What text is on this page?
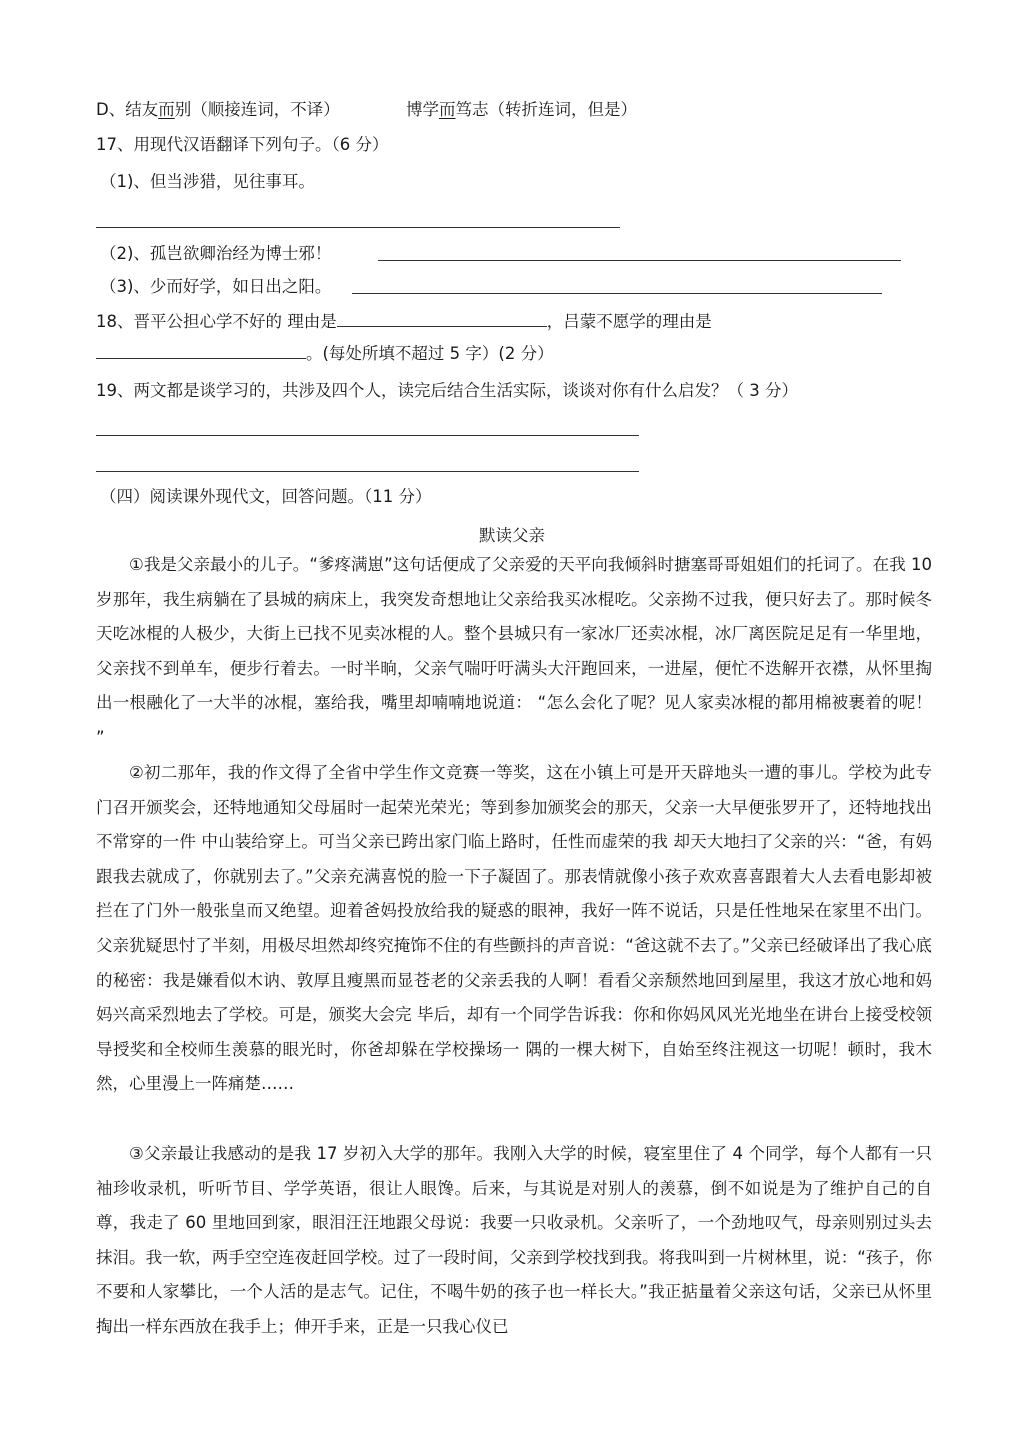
D、结友而别（顺接连词，不译）	博学而笃志（转折连词，但是）
17、用现代汉语翻译下列句子。（6 分）
（1)、但当涉猎，见往事耳。
（2)、孤岂欲卿治经为博士邪！
（3)、少而好学，如日出之阳。
18、晋平公担心学不好的 理由是	，吕蒙不愿学的理由是
。(每处所填不超过 5 字）(2 分）
19、两文都是谈学习的，共涉及四个人，读完后结合生活实际，谈谈对你有什么启发？（ 3 分）
（四）阅读课外现代文，回答问题。（11 分）
默读父亲

①我是父亲最小的儿子。“爹疼满崽”这句话便成了父亲爱的天平向我倾斜时搪塞哥哥姐姐们的托词了。在我 10 岁那年，我生病躺在了县城的病床上，我突发奇想地让父亲给我买冰棍吃。父亲拗不过我，便只好去了。那时候冬天吃冰棍的人极少，大街上已找不见卖冰棍的人。整个县城只有一家冰厂还卖冰棍，冰厂离医院足足有一华里地，父亲找不到单车，便步行着去。一时半晌，父亲气喘吁吁满头大汗跑回来，一进屋，便忙不迭解开衣襟，从怀里掏出一根融化了一大半的冰棍，塞给我，嘴里却喃喃地说道： “怎么会化了呢？见人家卖冰棍的都用棉被裹着的呢！ ”

②初二那年，我的作文得了全省中学生作文竞赛一等奖，这在小镇上可是开天辟地头一遭的事儿。学校为此专门召开颁奖会，还特地通知父母届时一起荣光荣光；等到参加颁奖会的那天，父亲一大早便张罗开了，还特地找出不常穿的一件 中山装给穿上。可当父亲已跨出家门临上路时，任性而虚荣的我 却天大地扫了父亲的兴：“爸，有妈跟我去就成了，你就别去了。”父亲充满喜悦的脸一下子凝固了。那表情就像小孩子欢欢喜喜跟着大人去看电影却被拦在了门外一般张皇而又绝望。迎着爸妈投放给我的疑惑的眼神，我好一阵不说话，只是任性地呆在家里不出门。父亲犹疑思忖了半刻，用极尽坦然却终究掩饰不住的有些颤抖的声音说：“爸这就不去了。”父亲已经破译出了我心底的秘密：我是嫌看似木讷、敦厚且瘦黑而显苍老的父亲丢我的人啊！看看父亲颓然地回到屋里，我这才放心地和妈妈兴高采烈地去了学校。可是，颁奖大会完 毕后，却有一个同学告诉我：你和你妈风风光光地坐在讲台上接受校领导授奖和全校师生羡慕的眼光时，你爸却躲在学校操场一 隅的一棵大树下，自始至终注视这一切呢！顿时，我木然，心里漫上一阵痛楚……

③父亲最让我感动的是我 17 岁初入大学的那年。我刚入大学的时候，寝室里住了 4 个同学，每个人都有一只袖珍收录机，听听节目、学学英语，很让人眼馋。后来，与其说是对别人的羡慕，倒不如说是为了维护自己的自尊，我走了 60 里地回到家，眼泪汪汪地跟父母说：我要一只收录机。父亲听了，一个劲地叹气，母亲则别过头去抹泪。我一软，两手空空连夜赶回学校。过了一段时间，父亲到学校找到我。将我叫到一片树林里，说：“孩子，你不要和人家攀比，一个人活的是志气。记住，不喝牛奶的孩子也一样长大。”我正掂量着父亲这句话，父亲已从怀里掏出一样东西放在我手上；伸开手来，正是一只我心仪已
